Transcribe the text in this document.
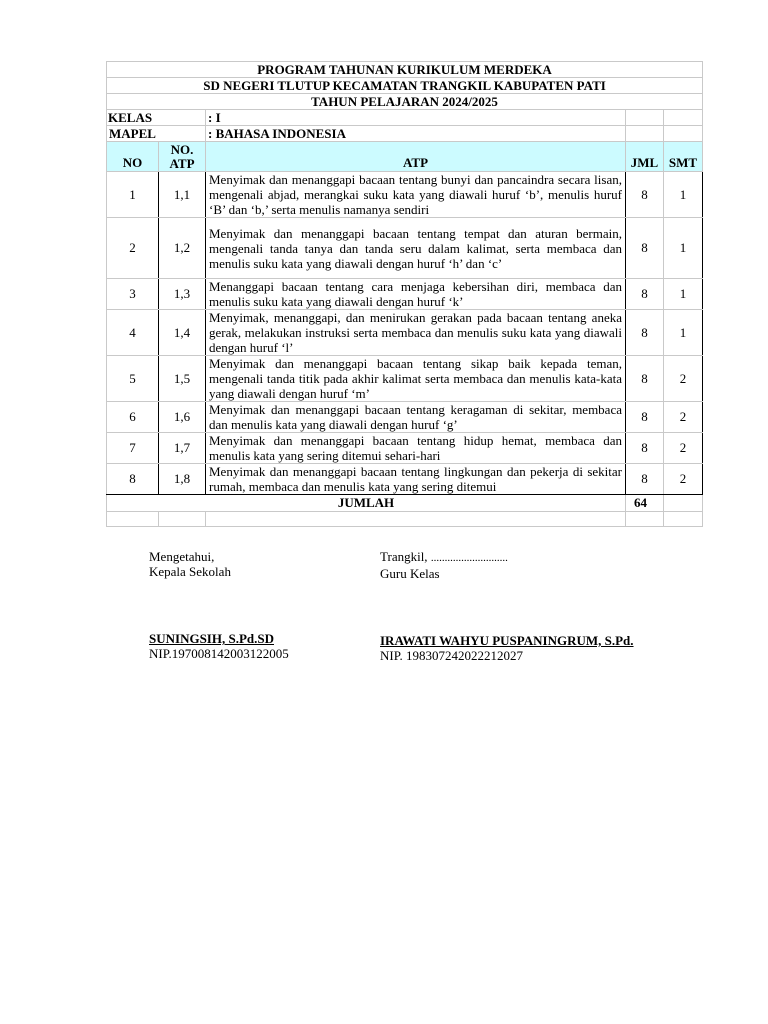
PROGRAM TAHUNAN KURIKULUM MERDEKA				
SD NEGERI TLUTUP KECAMATAN TRANGKIL KABUPATEN PATI				
TAHUN PELAJARAN 2024/2025				
KELAS		: I		
MAPEL		: BAHASA INDONESIA		
NO	NO. ATP	ATP	JML	SMT
1	1,1	Menyimak dan menanggapi bacaan tentang bunyi dan pancaindra secara lisan, mengenali abjad, merangkai suku kata yang diawali huruf ‘b’, menulis huruf ‘B’ dan ‘b,’ serta menulis namanya sendiri	8	1
2	1,2	Menyimak dan menanggapi bacaan tentang tempat dan aturan bermain, mengenali tanda tanya dan tanda seru dalam kalimat, serta membaca dan menulis suku kata yang diawali dengan huruf ‘h’ dan ‘c’	8	1
3	1,3	Menanggapi bacaan tentang cara menjaga kebersihan diri, membaca dan menulis suku kata yang diawali dengan huruf ‘k’	8	1
4	1,4	Menyimak, menanggapi, dan menirukan gerakan pada bacaan tentang aneka gerak, melakukan instruksi serta membaca dan menulis suku kata yang diawali dengan huruf ‘l’	8	1
5	1,5	Menyimak dan menanggapi bacaan tentang sikap baik kepada teman, mengenali tanda titik pada akhir kalimat serta membaca dan menulis kata-kata yang diawali dengan huruf ‘m’	8	2
6	1,6	Menyimak dan menanggapi bacaan tentang keragaman di sekitar, membaca dan menulis kata yang diawali dengan huruf ‘g’	8	2
7	1,7	Menyimak dan menanggapi bacaan tentang hidup hemat, membaca dan menulis kata yang sering ditemui sehari-hari	8	2
8	1,8	Menyimak dan menanggapi bacaan tentang lingkungan dan pekerja di sekitar rumah, membaca dan menulis kata yang sering ditemui	8	2
JUMLAH			64	

Mengetahui,
Kepala Sekolah
SUNINGSIH, S.Pd.SD
NIP.197008142003122005
Trangkil, ............................
Guru Kelas
IRAWATI WAHYU PUSPANINGRUM, S.Pd.
NIP. 198307242022212027
